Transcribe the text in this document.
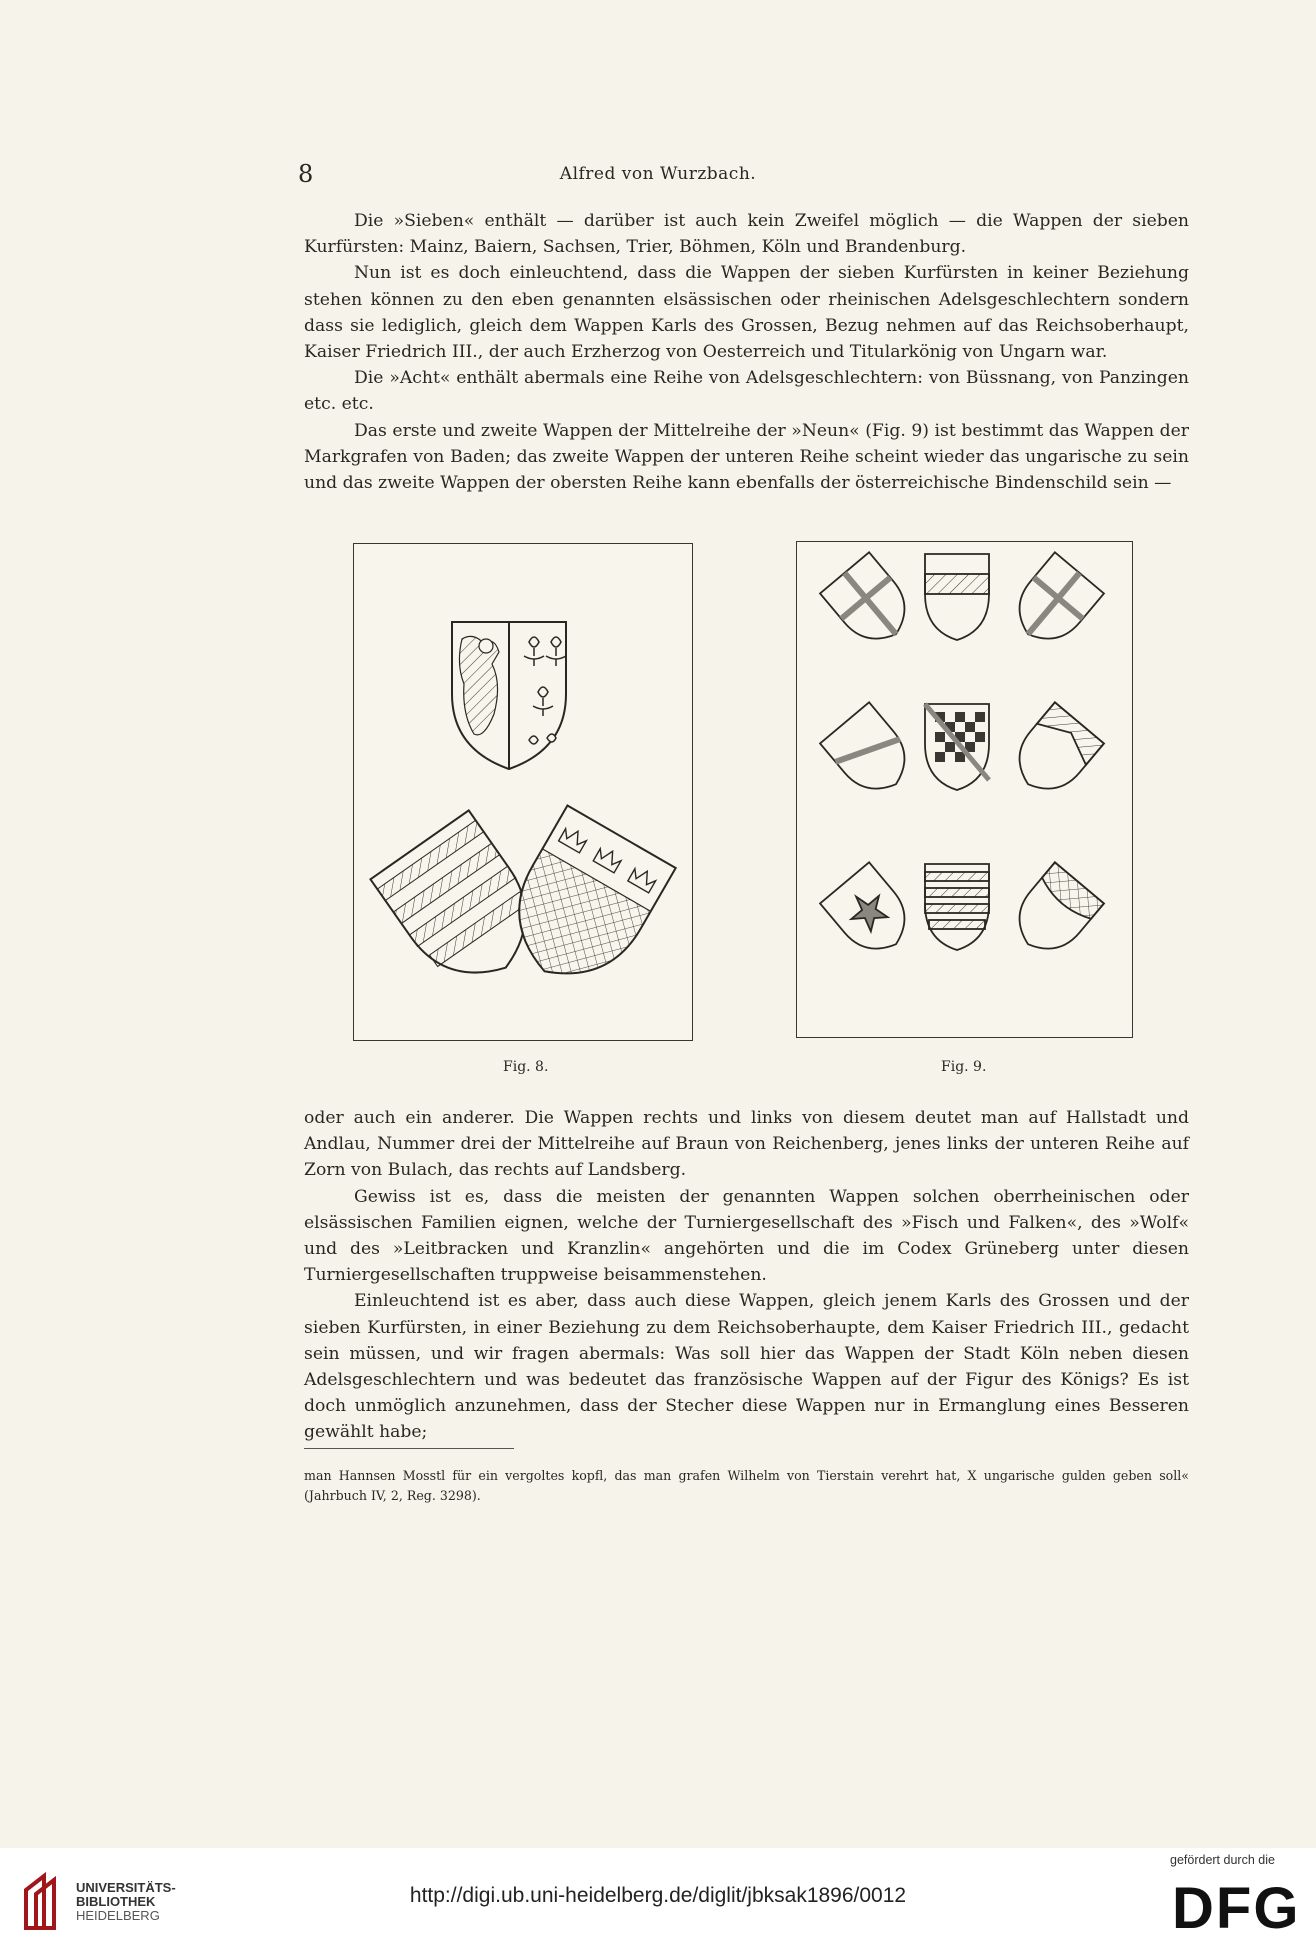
8	Alfred von Wurzbach.

Die »Sieben« enthält — darüber ist auch kein Zweifel möglich — die Wappen der sieben Kurfürsten: Mainz, Baiern, Sachsen, Trier, Böhmen, Köln und Brandenburg.

Nun ist es doch einleuchtend, dass die Wappen der sieben Kurfürsten in keiner Beziehung stehen können zu den eben genannten elsässischen oder rheinischen Adelsgeschlechtern sondern dass sie lediglich, gleich dem Wappen Karls des Grossen, Bezug nehmen auf das Reichsoberhaupt, Kaiser Friedrich III., der auch Erzherzog von Oesterreich und Titularkönig von Ungarn war.

Die »Acht« enthält abermals eine Reihe von Adelsgeschlechtern: von Büssnang, von Panzingen etc. etc.

Das erste und zweite Wappen der Mittelreihe der »Neun« (Fig. 9) ist bestimmt das Wappen der Markgrafen von Baden; das zweite Wappen der unteren Reihe scheint wieder das ungarische zu sein und das zweite Wappen der obersten Reihe kann ebenfalls der österreichische Bindenschild sein —

Fig. 8.	Fig. 9.

oder auch ein anderer. Die Wappen rechts und links von diesem deutet man auf Hallstadt und Andlau, Nummer drei der Mittelreihe auf Braun von Reichenberg, jenes links der unteren Reihe auf Zorn von Bulach, das rechts auf Landsberg.

Gewiss ist es, dass die meisten der genannten Wappen solchen oberrheinischen oder elsässischen Familien eignen, welche der Turniergesellschaft des »Fisch und Falken«, des »Wolf« und des »Leitbracken und Kranzlin« angehörten und die im Codex Grüneberg unter diesen Turniergesellschaften truppweise beisammenstehen.

Einleuchtend ist es aber, dass auch diese Wappen, gleich jenem Karls des Grossen und der sieben Kurfürsten, in einer Beziehung zu dem Reichsoberhaupte, dem Kaiser Friedrich III., gedacht sein müssen, und wir fragen abermals: Was soll hier das Wappen der Stadt Köln neben diesen Adelsgeschlechtern und was bedeutet das französische Wappen auf der Figur des Königs? Es ist doch unmöglich anzunehmen, dass der Stecher diese Wappen nur in Ermanglung eines Besseren gewählt habe;

man Hannsen Mosstl für ein vergoltes kopfl, das man grafen Wilhelm von Tierstain verehrt hat, X ungarische gulden geben soll« (Jahrbuch IV, 2, Reg. 3298).
UNIVERSITÄTS-
BIBLIOTHEK
HEIDELBERG
http://digi.ub.uni-heidelberg.de/diglit/jbksak1896/0012
gefördert durch die
DFG
